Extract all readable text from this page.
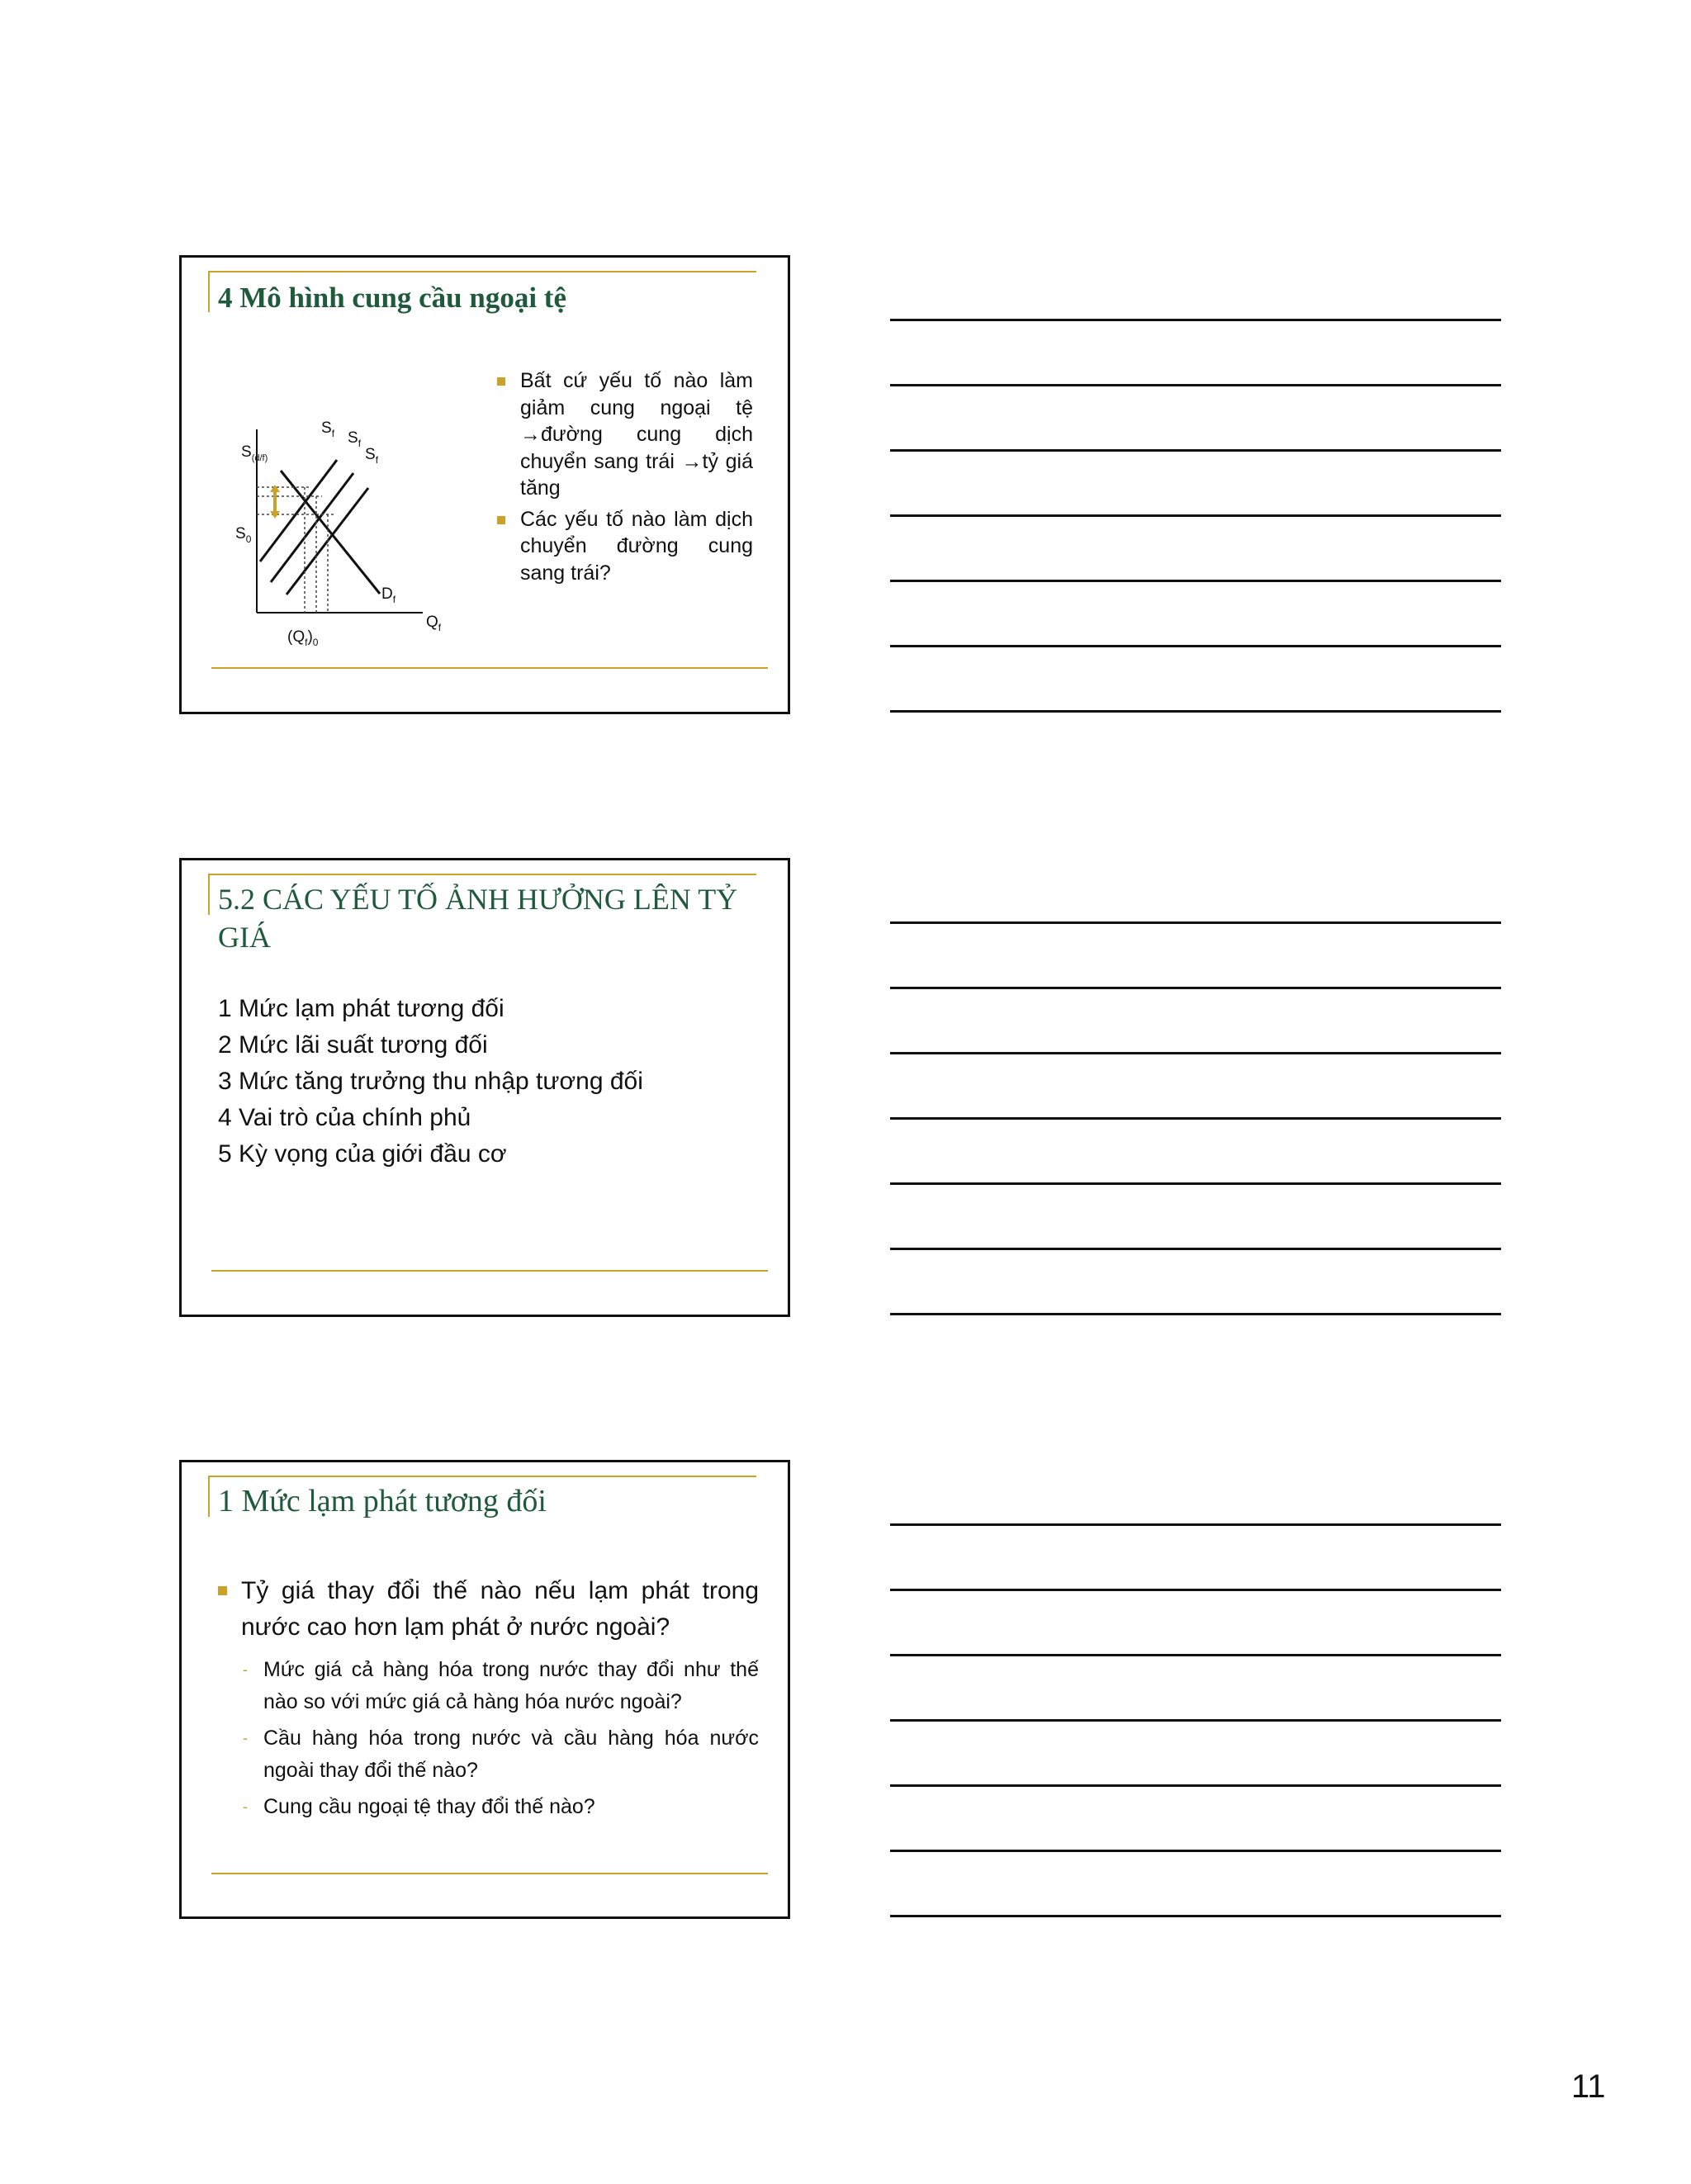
4 Mô hình cung cầu ngoại tệ
$S_f$ $S_f$
$S_f$
$S_{(d/f)}$
$S_0$
$D_f$
$Q_f$
$(Q_f)_0$
Bất cứ yếu tố nào làm giảm cung ngoại tệ →đường cung dịch chuyển sang trái →tỷ giá tăng
Các yếu tố nào làm dịch chuyển đường cung sang trái?
5.2 CÁC YẾU TỐ ẢNH HƯỞNG LÊN TỶ GIÁ
1 Mức lạm phát tương đối
2 Mức lãi suất tương đối
3 Mức tăng trưởng thu nhập tương đối
4 Vai trò của chính phủ
5 Kỳ vọng của giới đầu cơ
1 Mức lạm phát tương đối
Tỷ giá thay đổi thế nào nếu lạm phát trong nước cao hơn lạm phát ở nước ngoài?
- Mức giá cả hàng hóa trong nước thay đổi như thế nào so với mức giá cả hàng hóa nước ngoài?
- Cầu hàng hóa trong nước và cầu hàng hóa nước ngoài thay đổi thế nào?
- Cung cầu ngoại tệ thay đổi thế nào?
11
